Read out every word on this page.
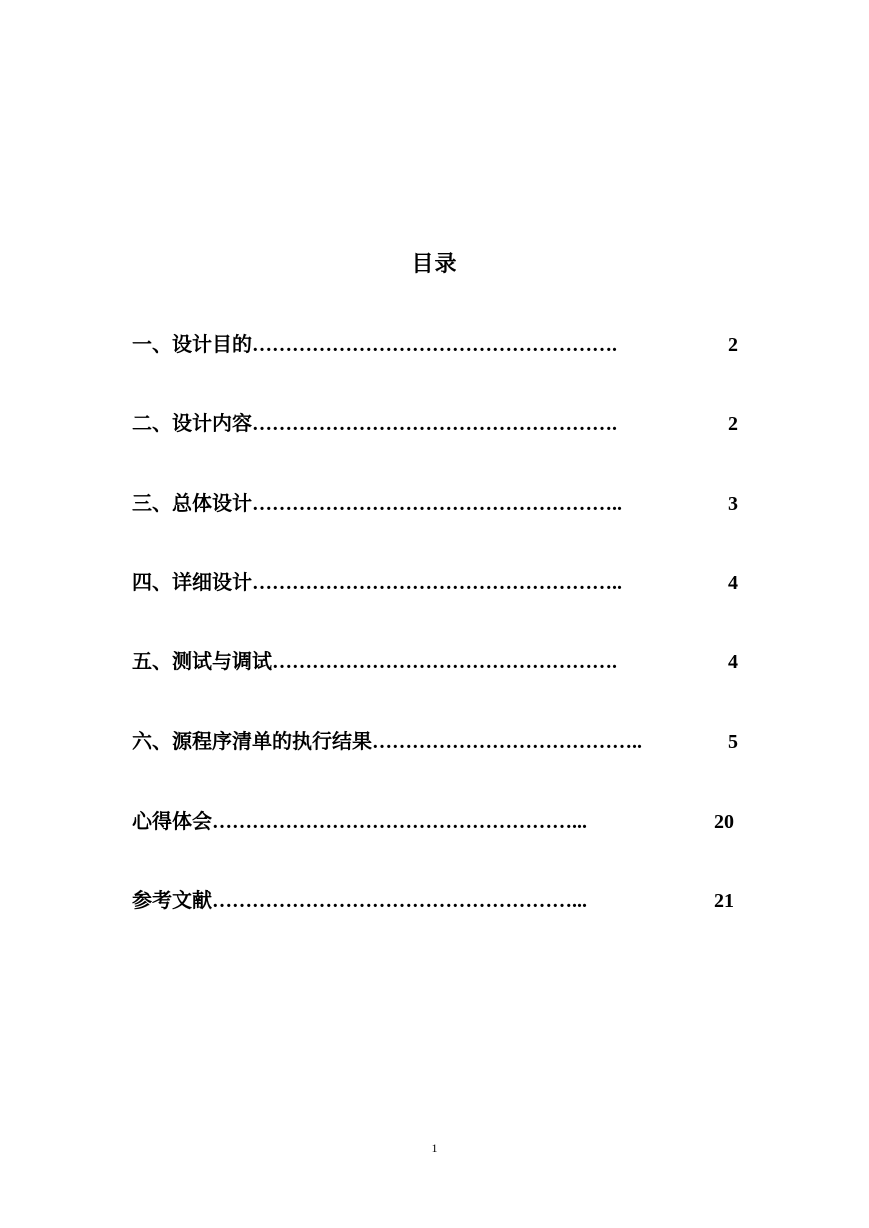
目录
一、设计目的 ……………………………………………….	2
二、设计内容 ……………………………………………….	2
三、总体设计 ………………………………………………..	3
四、详细设计 ………………………………………………..	4
五、测试与调试 …………………………………………….	4
六、源程序清单的执行结果 …………………………………..	5
心得体会 ………………………………………………...	20
参考文献 ………………………………………………...	21
1
